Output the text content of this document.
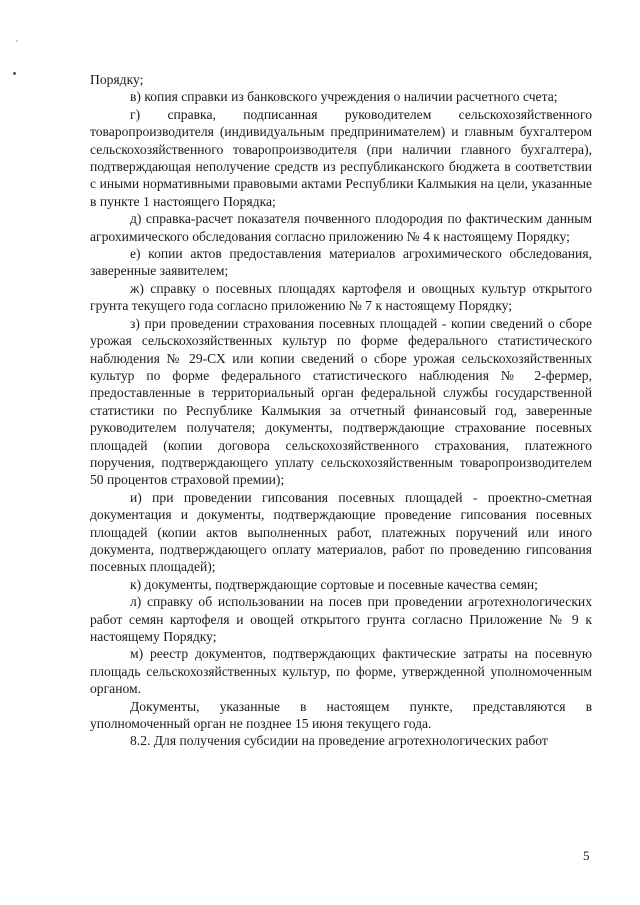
Порядку;

в) копия справки из банковского учреждения о наличии расчетного счета;

г) справка, подписанная руководителем сельскохозяйственного товаропроизводителя (индивидуальным предпринимателем) и главным бухгалтером сельскохозяйственного товаропроизводителя (при наличии главного бухгалтера), подтверждающая неполучение средств из республиканского бюджета в соответствии с иными нормативными правовыми актами Республики Калмыкия на цели, указанные в пункте 1 настоящего Порядка;

д) справка-расчет показателя почвенного плодородия по фактическим данным агрохимического обследования согласно приложению № 4 к настоящему Порядку;

е) копии актов предоставления материалов агрохимического обследования, заверенные заявителем;

ж) справку о посевных площадях картофеля и овощных культур открытого грунта текущего года согласно приложению № 7 к настоящему Порядку;

з) при проведении страхования посевных площадей - копии сведений о сборе урожая сельскохозяйственных культур по форме федерального статистического наблюдения № 29-СХ или копии сведений о сборе урожая сельскохозяйственных культур по форме федерального статистического наблюдения № 2-фермер, предоставленные в территориальный орган федеральной службы государственной статистики по Республике Калмыкия за отчетный финансовый год, заверенные руководителем получателя; документы, подтверждающие страхование посевных площадей (копии договора сельскохозяйственного страхования, платежного поручения, подтверждающего уплату сельскохозяйственным товаропроизводителем 50 процентов страховой премии);

и) при проведении гипсования посевных площадей - проектно-сметная документация и документы, подтверждающие проведение гипсования посевных площадей (копии актов выполненных работ, платежных поручений или иного документа, подтверждающего оплату материалов, работ по проведению гипсования посевных площадей);

к) документы, подтверждающие сортовые и посевные качества семян;

л) справку об использовании на посев при проведении агротехнологических работ семян картофеля и овощей открытого грунта согласно Приложение № 9 к настоящему Порядку;

м) реестр документов, подтверждающих фактические затраты на посевную площадь сельскохозяйственных культур, по форме, утвержденной уполномоченным органом.

Документы, указанные в настоящем пункте, представляются в уполномоченный орган не позднее 15 июня текущего года.

8.2. Для получения субсидии на проведение агротехнологических работ

5
